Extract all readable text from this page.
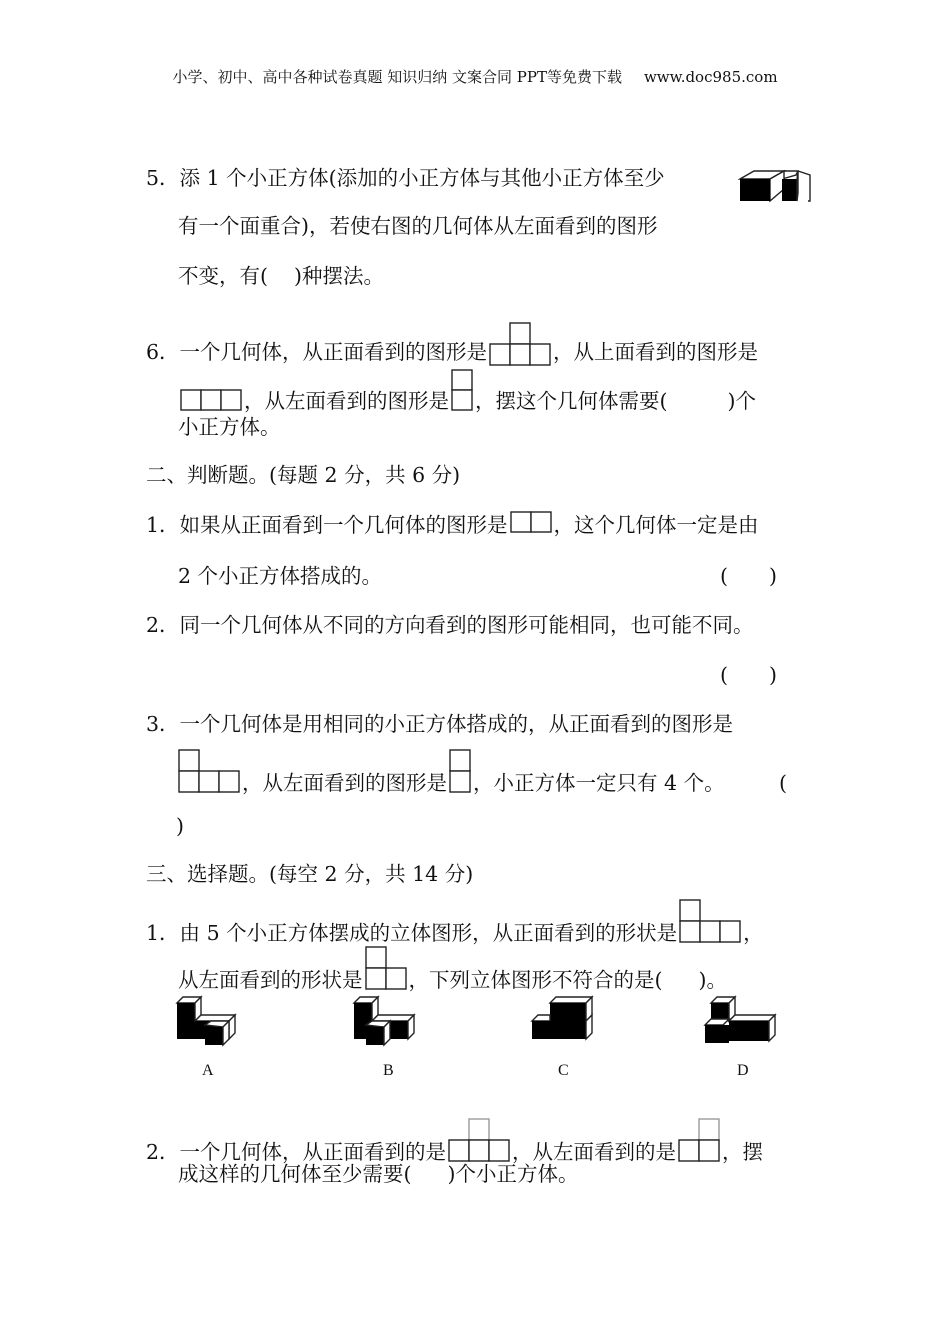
小学、初中、高中各种试卷真题 知识归纳 文案合同 PPT等免费下载 www.doc985.com
5．添 1 个小正方体(添加的小正方体与其他小正方体至少
有一个面重合)，若使右图的几何体从左面看到的图形
不变，有( )种摆法。
6．一个几何体，从正面看到的图形是	，从上面看到的图形是
，从左面看到的图形是 ，摆这个几何体需要(	)个
小正方体。
二、判断题。(每题 2 分，共 6 分)
1．如果从正面看到一个几何体的图形是 ，这个几何体一定是由
2 个小正方体搭成的。	(　　)
2．同一个几何体从不同的方向看到的图形可能相同，也可能不同。
(　　)
3．一个几何体是用相同的小正方体搭成的，从正面看到的图形是
，从左面看到的图形是 ，小正方体一定只有 4 个。	(
)
三、选择题。(每空 2 分，共 14 分)
1．由 5 个小正方体摆成的立体图形，从正面看到的形状是	，
从左面看到的形状是 ，下列立体图形不符合的是( )。
A	B	C	D
2．一个几何体，从正面看到的是	，从左面看到的是 ，摆
成这样的几何体至少需要( )个小正方体。
